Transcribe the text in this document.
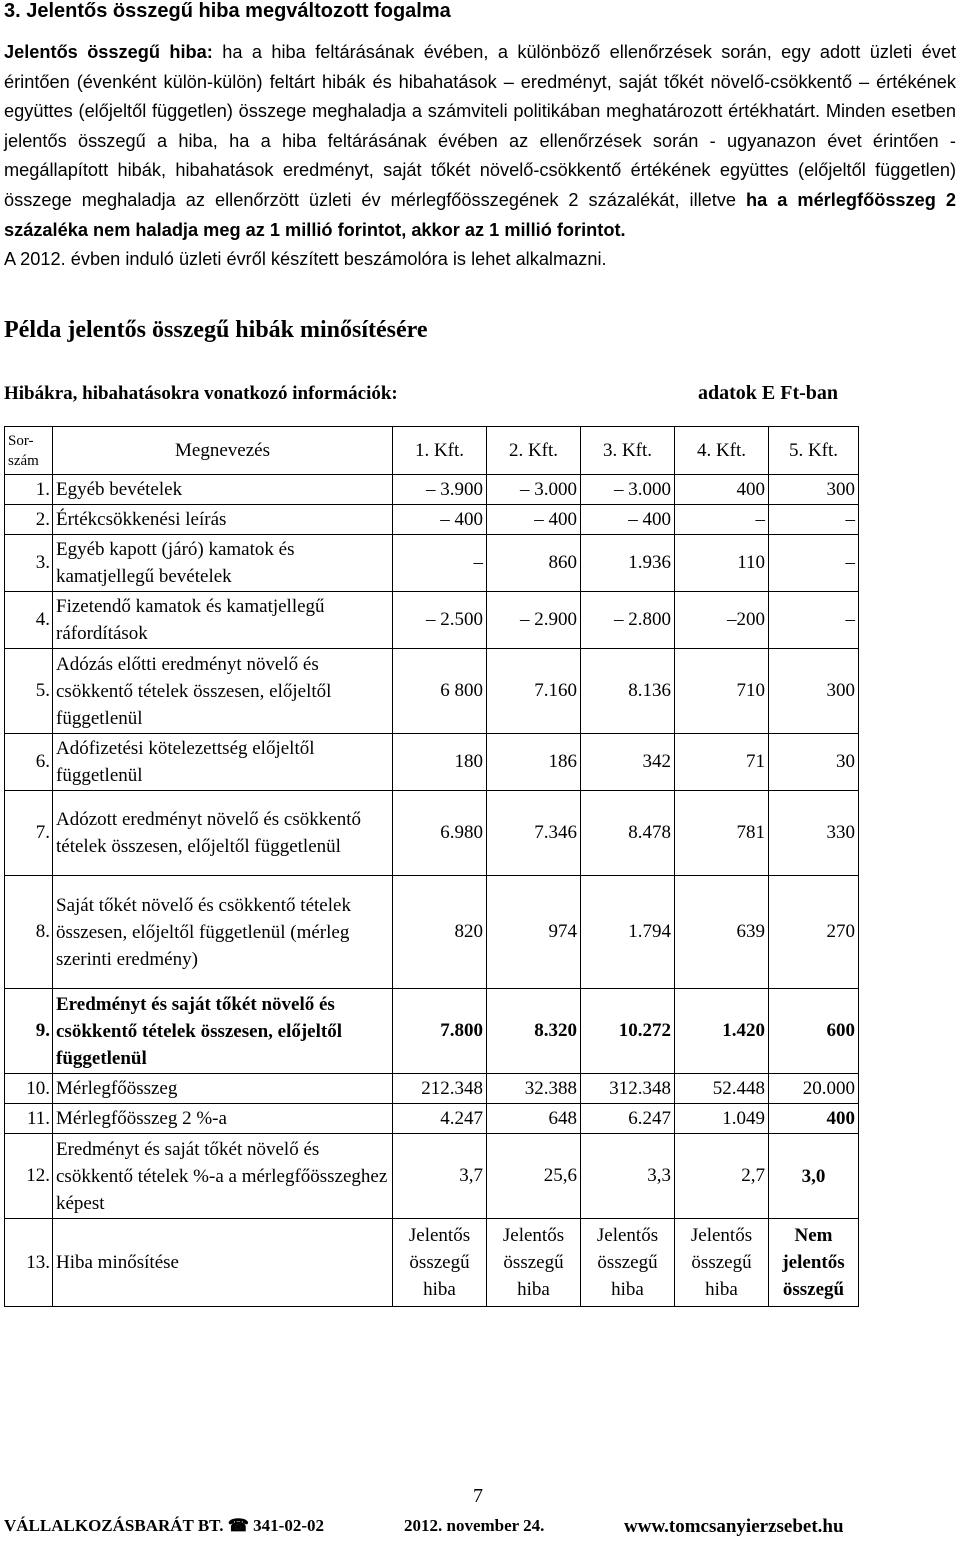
3. Jelentős összegű hiba megváltozott fogalma

Jelentős összegű hiba: ha a hiba feltárásának évében, a különböző ellenőrzések során, egy adott üzleti évet érintően (évenként külön-külön) feltárt hibák és hibahatások – eredményt, saját tőkét növelő-csökkentő – értékének együttes (előjeltől független) összege meghaladja a számviteli politikában meghatározott értékhatárt. Minden esetben jelentős összegű a hiba, ha a hiba feltárásának évében az ellenőrzések során - ugyanazon évet érintően - megállapított hibák, hibahatások eredményt, saját tőkét növelő-csökkentő értékének együttes (előjeltől független) összege meghaladja az ellenőrzött üzleti év mérlegfőösszegének 2 százalékát, illetve ha a mérlegfőösszeg 2 százaléka nem haladja meg az 1 millió forintot, akkor az 1 millió forintot.
A 2012. évben induló üzleti évről készített beszámolóra is lehet alkalmazni.

Példa jelentős összegű hibák minősítésére
Hibákra, hibahatásokra vonatkozó információk:	adatok E Ft-ban
Sor-
szám	Megnevezés	1. Kft.	2. Kft.	3. Kft.	4. Kft.	5. Kft.
1.	Egyéb bevételek	– 3.900	– 3.000	– 3.000	400	300
2.	Értékcsökkenési leírás	– 400	– 400	– 400	–	–
3.	Egyéb kapott (járó) kamatok és kamatjellegű bevételek	–	860	1.936	110	–
4.	Fizetendő kamatok és kamatjellegű ráfordítások	– 2.500	– 2.900	– 2.800	–200	–
5.	Adózás előtti eredményt növelő és csökkentő tételek összesen, előjeltől függetlenül	6 800	7.160	8.136	710	300
6.	Adófizetési kötelezettség előjeltől függetlenül	180	186	342	71	30
7.	Adózott eredményt növelő és csökkentő tételek összesen, előjeltől függetlenül	6.980	7.346	8.478	781	330
8.	Saját tőkét növelő és csökkentő tételek összesen, előjeltől függetlenül (mérleg szerinti eredmény)	820	974	1.794	639	270
9.	Eredményt és saját tőkét növelő és csökkentő tételek összesen, előjeltől függetlenül	7.800	8.320	10.272	1.420	600
10.	Mérlegfőösszeg	212.348	32.388	312.348	52.448	20.000
11.	Mérlegfőösszeg 2 %-a	4.247	648	6.247	1.049	400
12.	Eredményt és saját tőkét növelő és csökkentő tételek %-a a mérlegfőösszeghez képest	3,7	25,6	3,3	2,7	3,0
13.	Hiba minősítése	Jelentős összegű hiba	Jelentős összegű hiba	Jelentős összegű hiba	Jelentős összegű hiba	Nem jelentős összegű
7
VÁLLALKOZÁSBARÁT BT. ☎ 341-02-02	2012. november 24.	www.tomcsanyierzsebet.hu
